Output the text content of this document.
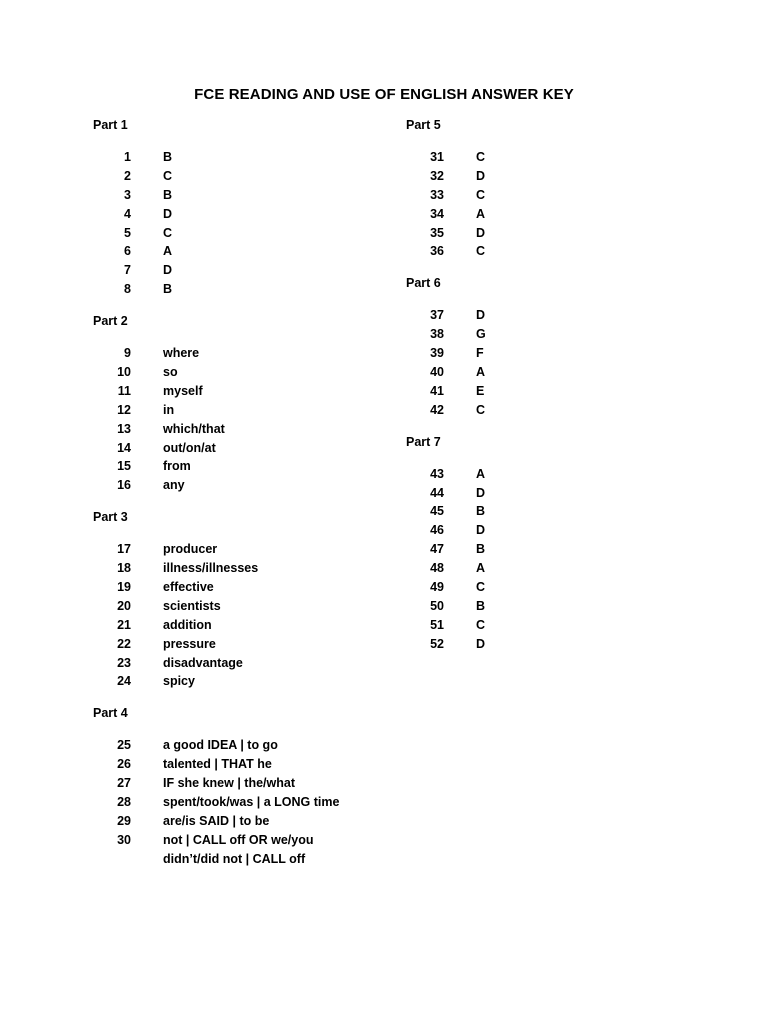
FCE READING AND USE OF ENGLISH ANSWER KEY
Part 1
1	B
2	C
3	B
4	D
5	C
6	A
7	D
8	B
Part 2
9	where
10	so
11	myself
12	in
13	which/that
14	out/on/at
15	from
16	any
Part 3
17	producer
18	illness/illnesses
19	effective
20	scientists
21	addition
22	pressure
23	disadvantage
24	spicy
Part 4
25	a good IDEA | to go
26	talented | THAT he
27	IF she knew | the/what
28	spent/took/was | a LONG time
29	are/is SAID | to be
30	not | CALL off OR we/you
didn’t/did not | CALL off
Part 5
31	C
32	D
33	C
34	A
35	D
36	C
Part 6
37	D
38	G
39	F
40	A
41	E
42	C
Part 7
43	A
44	D
45	B
46	D
47	B
48	A
49	C
50	B
51	C
52	D
